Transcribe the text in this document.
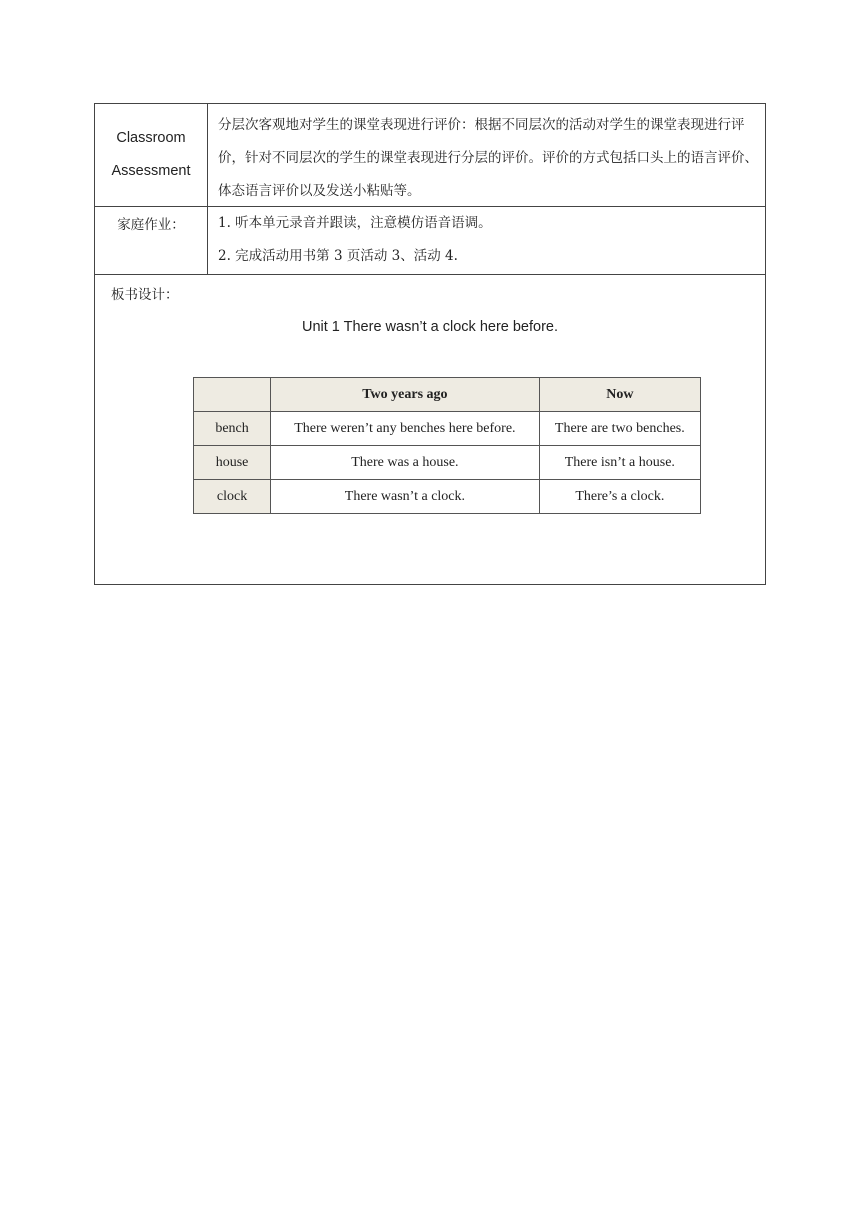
Classroom
Assessment

分层次客观地对学生的课堂表现进行评价：根据不同层次的活动对学生的课堂表现进行评价，针对不同层次的学生的课堂表现进行分层的评价。评价的方式包括口头上的语言评价、体态语言评价以及发送小粘贴等。

家庭作业：	1. 听本单元录音并跟读，注意模仿语音语调。
2. 完成活动用书第 3 页活动 3、活动 4.

板书设计：
Unit 1 There wasn’t a clock here before.
	Two years ago	Now
bench	There weren’t any benches here before.	There are two benches.
house	There was a house.	There isn’t a house.
clock	There wasn’t a clock.	There’s a clock.
